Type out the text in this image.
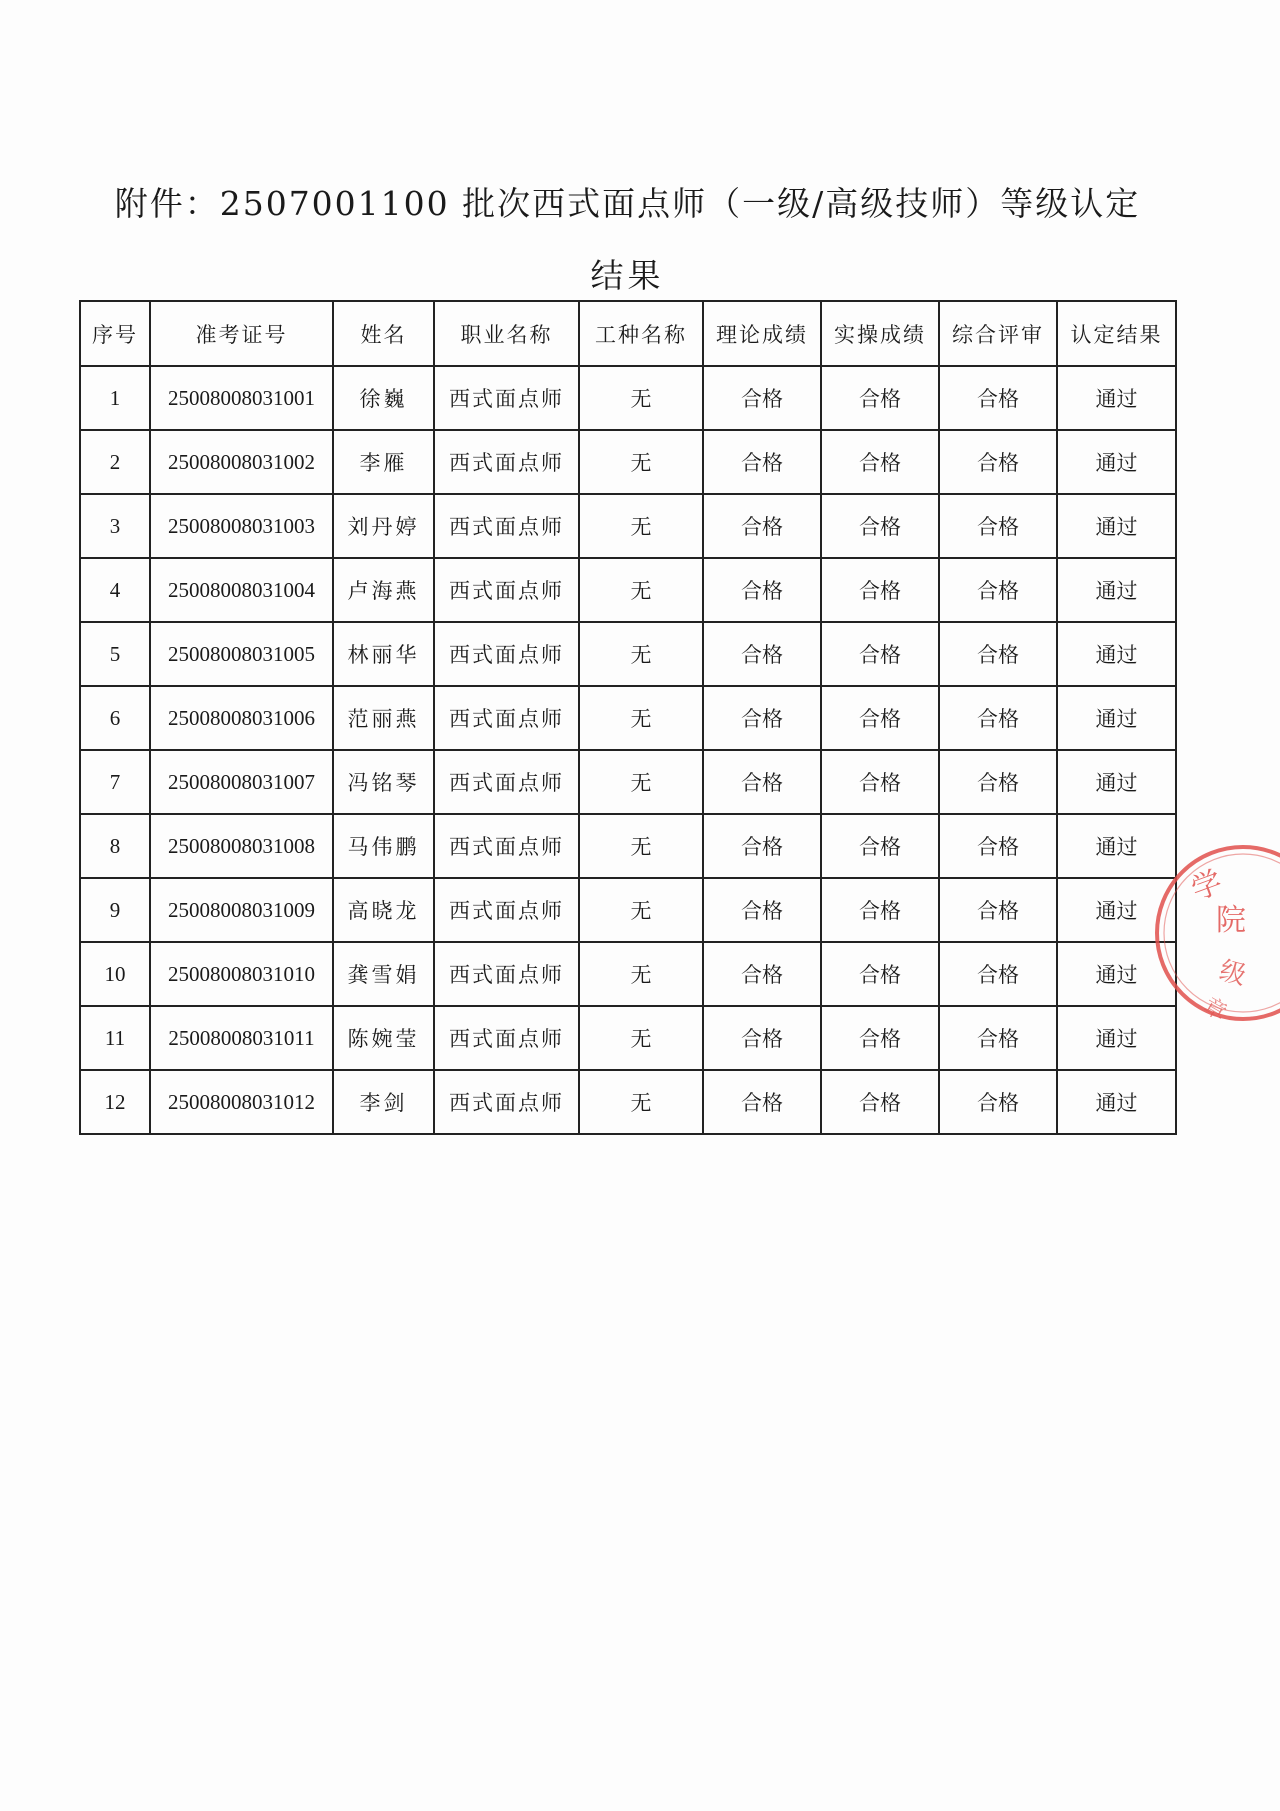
附件：2507001100 批次西式面点师（一级/高级技师）等级认定
结果
序号	准考证号	姓名	职业名称	工种名称	理论成绩	实操成绩	综合评审	认定结果
1	25008008031001	徐巍	西式面点师	无	合格	合格	合格	通过
2	25008008031002	李雁	西式面点师	无	合格	合格	合格	通过
3	25008008031003	刘丹婷	西式面点师	无	合格	合格	合格	通过
4	25008008031004	卢海燕	西式面点师	无	合格	合格	合格	通过
5	25008008031005	林丽华	西式面点师	无	合格	合格	合格	通过
6	25008008031006	范丽燕	西式面点师	无	合格	合格	合格	通过
7	25008008031007	冯铭琴	西式面点师	无	合格	合格	合格	通过
8	25008008031008	马伟鹏	西式面点师	无	合格	合格	合格	通过
9	25008008031009	高晓龙	西式面点师	无	合格	合格	合格	通过
10	25008008031010	龚雪娟	西式面点师	无	合格	合格	合格	通过
11	25008008031011	陈婉莹	西式面点师	无	合格	合格	合格	通过
12	25008008031012	李剑	西式面点师	无	合格	合格	合格	通过
学
院
级
章
